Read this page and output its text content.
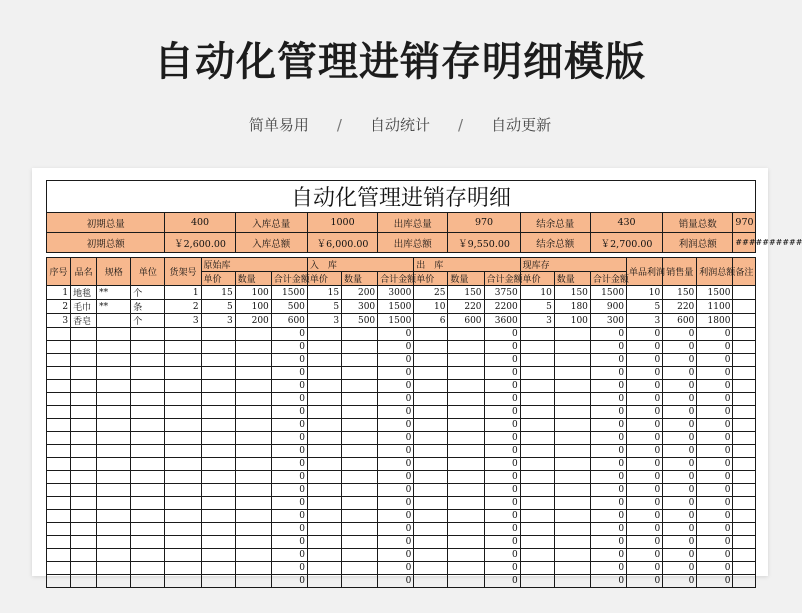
自动化管理进销存明细模版
简单易用 / 自动统计 / 自动更新
自动化管理进销存明细																				
初期总量				400		入库总量		1000		出库总量		970		结余总量		430		销量总数		970
初期总额				￥2,600.00		入库总额		￥6,000.00		出库总额		￥9,550.00		结余总额		￥2,700.00		利润总额		##########

序号	品名	规格	单位	货架号	原始库			入　库			出　库			现库存			单品利润	销售量	利润总额	备注
					单价	数量	合计金额	单价	数量	合计金额	单价	数量	合计金额	单价	数量	合计金额				
1	地毯	**	个	1	15	100	1500	15	200	3000	25	150	3750	10	150	1500	10	150	1500	
2	毛巾	**	条	2	5	100	500	5	300	1500	10	220	2200	5	180	900	5	220	1100	
3	香皂		个	3	3	200	600	3	500	1500	6	600	3600	3	100	300	3	600	1800	
							0			0			0			0	0	0	0	
							0			0			0			0	0	0	0	
							0			0			0			0	0	0	0	
							0			0			0			0	0	0	0	
							0			0			0			0	0	0	0	
							0			0			0			0	0	0	0	
							0			0			0			0	0	0	0	
							0			0			0			0	0	0	0	
							0			0			0			0	0	0	0	
							0			0			0			0	0	0	0	
							0			0			0			0	0	0	0	
							0			0			0			0	0	0	0	
							0			0			0			0	0	0	0	
							0			0			0			0	0	0	0	
							0			0			0			0	0	0	0	
							0			0			0			0	0	0	0	
							0			0			0			0	0	0	0	
							0			0			0			0	0	0	0	
							0			0			0			0	0	0	0	
							0			0			0			0	0	0	0	
